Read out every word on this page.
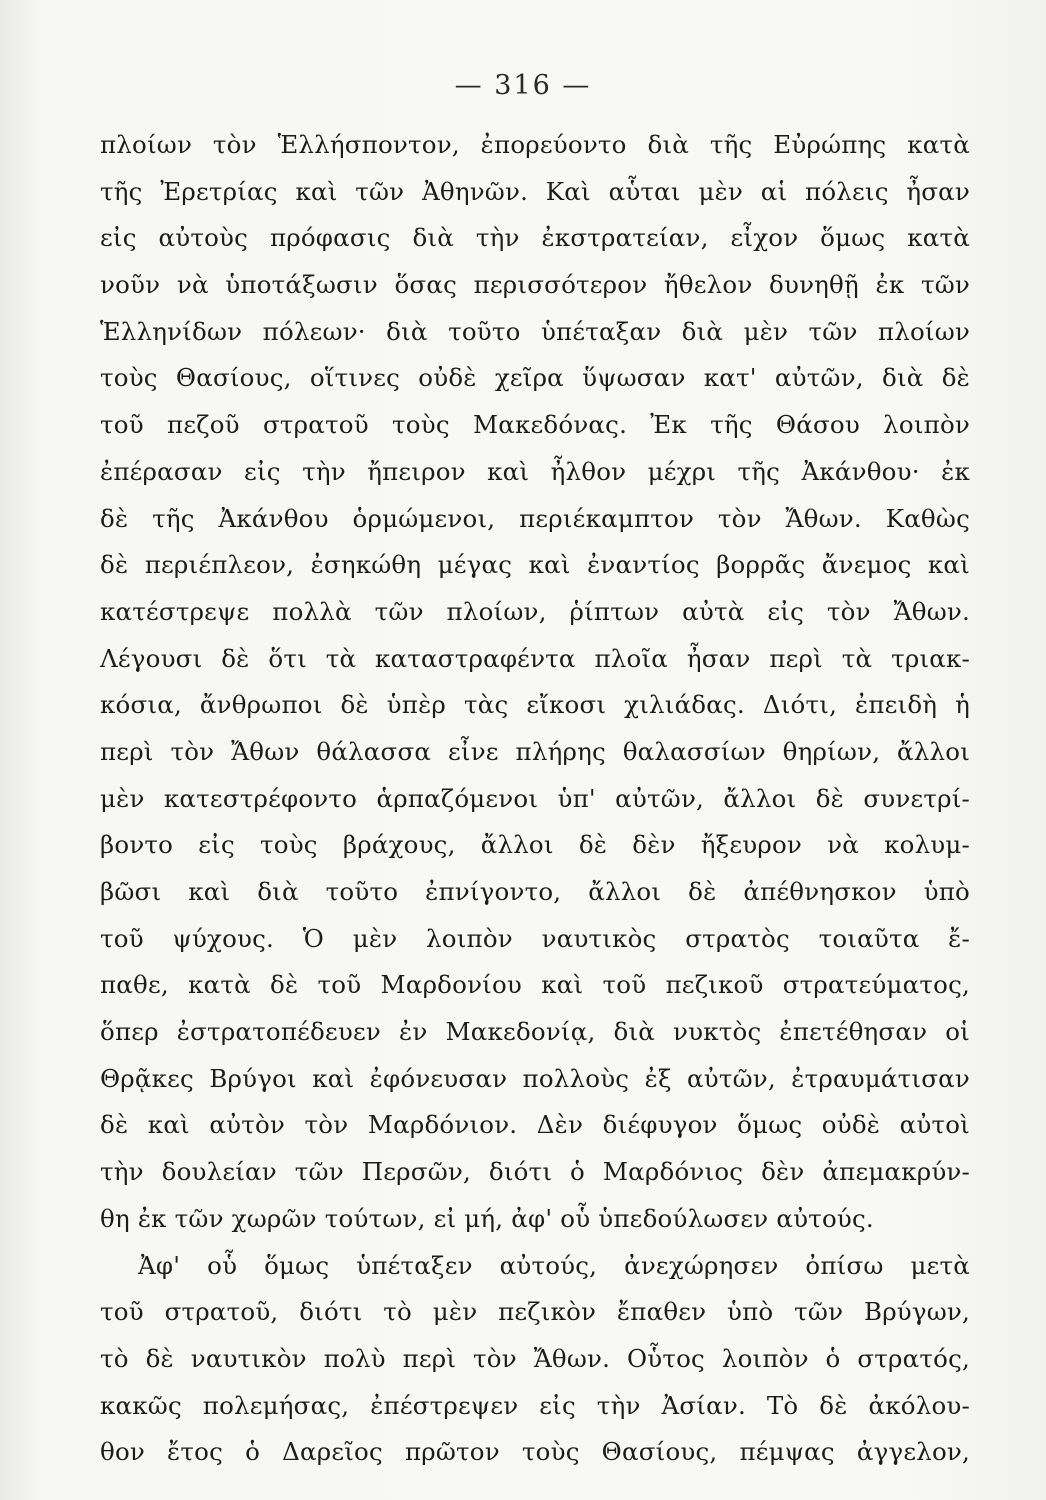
— 316 —
πλοίων τὸν Ἑλλήσποντον, ἐπορεύοντο διὰ τῆς Εὐρώπης κατὰ
τῆς Ἐρετρίας καὶ τῶν Ἀθηνῶν. Καὶ αὗται μὲν αἱ πόλεις ἦσαν
εἰς αὐτοὺς πρόφασις διὰ τὴν ἐκστρατείαν, εἶχον ὅμως κατὰ
νοῦν νὰ ὑποτάξωσιν ὅσας περισσότερον ἤθελον δυνηθῇ ἐκ τῶν
Ἑλληνίδων πόλεων· διὰ τοῦτο ὑπέταξαν διὰ μὲν τῶν πλοίων
τοὺς Θασίους, οἵτινες οὐδὲ χεῖρα ὕψωσαν κατ' αὐτῶν, διὰ δὲ
τοῦ πεζοῦ στρατοῦ τοὺς Μακεδόνας. Ἐκ τῆς Θάσου λοιπὸν
ἐπέρασαν εἰς τὴν ἤπειρον καὶ ἦλθον μέχρι τῆς Ἀκάνθου· ἐκ
δὲ τῆς Ἀκάνθου ὁρμώμενοι, περιέκαμπτον τὸν Ἄθων. Καθὼς
δὲ περιέπλεον, ἐσηκώθη μέγας καὶ ἐναντίος βορρᾶς ἄνεμος καὶ
κατέστρεψε πολλὰ τῶν πλοίων, ῥίπτων αὐτὰ εἰς τὸν Ἄθων.
Λέγουσι δὲ ὅτι τὰ καταστραφέντα πλοῖα ἦσαν περὶ τὰ τριακ-
κόσια, ἄνθρωποι δὲ ὑπὲρ τὰς εἴκοσι χιλιάδας. Διότι, ἐπειδὴ ἡ
περὶ τὸν Ἄθων θάλασσα εἶνε πλήρης θαλασσίων θηρίων, ἄλλοι
μὲν κατεστρέφοντο ἁρπαζόμενοι ὑπ' αὐτῶν, ἄλλοι δὲ συνετρί-
βοντο εἰς τοὺς βράχους, ἄλλοι δὲ δὲν ἤξευρον νὰ κολυμ-
βῶσι καὶ διὰ τοῦτο ἐπνίγοντο, ἄλλοι δὲ ἀπέθνησκον ὑπὸ
τοῦ ψύχους. Ὁ μὲν λοιπὸν ναυτικὸς στρατὸς τοιαῦτα ἔ-
παθε, κατὰ δὲ τοῦ Μαρδονίου καὶ τοῦ πεζικοῦ στρατεύματος,
ὅπερ ἐστρατοπέδευεν ἐν Μακεδονίᾳ, διὰ νυκτὸς ἐπετέθησαν οἱ
Θρᾷκες Βρύγοι καὶ ἐφόνευσαν πολλοὺς ἐξ αὐτῶν, ἐτραυμάτισαν
δὲ καὶ αὐτὸν τὸν Μαρδόνιον. Δὲν διέφυγον ὅμως οὐδὲ αὐτοὶ
τὴν δουλείαν τῶν Περσῶν, διότι ὁ Μαρδόνιος δὲν ἀπεμακρύν-
θη ἐκ τῶν χωρῶν τούτων, εἰ μή, ἀφ' οὗ ὑπεδούλωσεν αὐτούς.
Ἀφ' οὗ ὅμως ὑπέταξεν αὐτούς, ἀνεχώρησεν ὀπίσω μετὰ
τοῦ στρατοῦ, διότι τὸ μὲν πεζικὸν ἔπαθεν ὑπὸ τῶν Βρύγων,
τὸ δὲ ναυτικὸν πολὺ περὶ τὸν Ἄθων. Οὗτος λοιπὸν ὁ στρατός,
κακῶς πολεμήσας, ἐπέστρεψεν εἰς τὴν Ἀσίαν. Τὸ δὲ ἀκόλου-
θον ἔτος ὁ Δαρεῖος πρῶτον τοὺς Θασίους, πέμψας ἀγγελον,
